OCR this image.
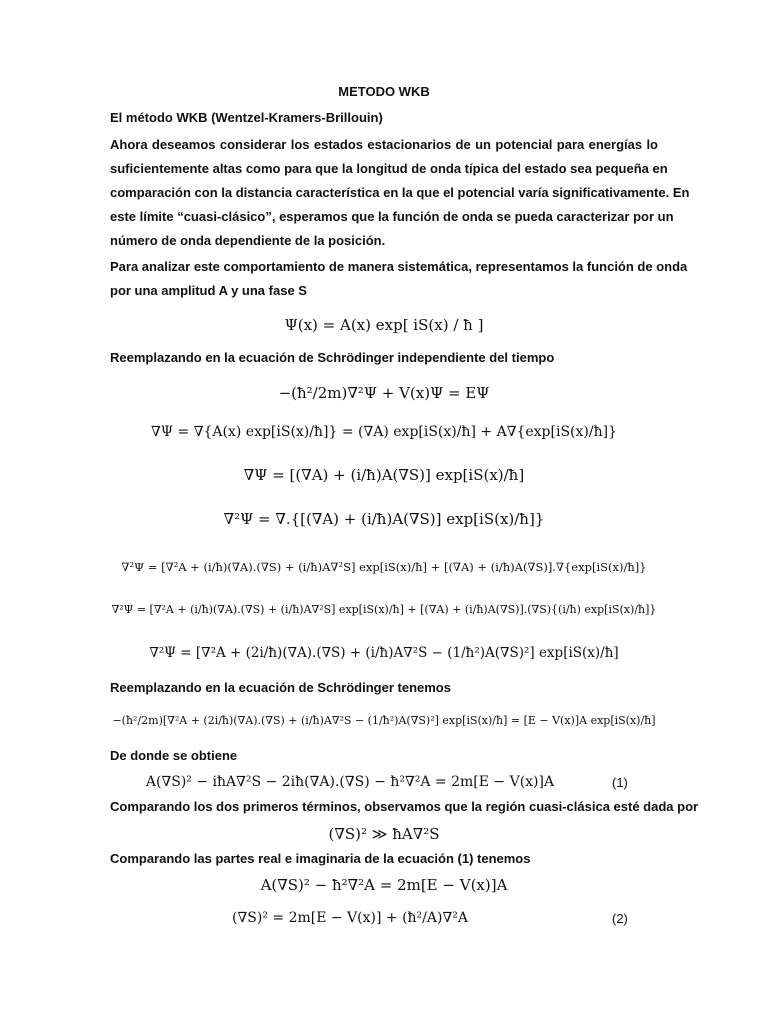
METODO WKB
El método WKB (Wentzel-Kramers-Brillouin)
Ahora deseamos considerar los estados estacionarios de un potencial para energías lo
suficientemente altas como para que la longitud de onda típica del estado sea pequeña en
comparación con la distancia característica en la que el potencial varía significativamente. En
este límite “cuasi-clásico”, esperamos que la función de onda se pueda caracterizar por un
número de onda dependiente de la posición.
Para analizar este comportamiento de manera sistemática, representamos la función de onda
por una amplitud A y una fase S
Ψ(x) = A(x) exp[ iS(x) / ħ ]
Reemplazando en la ecuación de Schrödinger independiente del tiempo
−(ħ²/2m)∇²Ψ + V(x)Ψ = EΨ
∇Ψ = ∇{A(x) exp[iS(x)/ħ]} = (∇A) exp[iS(x)/ħ] + A∇{exp[iS(x)/ħ]}
∇Ψ = [(∇A) + (i/ħ)A(∇S)] exp[iS(x)/ħ]
∇²Ψ = ∇.{[(∇A) + (i/ħ)A(∇S)] exp[iS(x)/ħ]}
∇²Ψ = [∇²A + (i/ħ)(∇A).(∇S) + (i/ħ)A∇²S] exp[iS(x)/ħ] + [(∇A) + (i/ħ)A(∇S)].∇{exp[iS(x)/ħ]}
∇²Ψ = [∇²A + (i/ħ)(∇A).(∇S) + (i/ħ)A∇²S] exp[iS(x)/ħ] + [(∇A) + (i/ħ)A(∇S)].(∇S){(i/ħ) exp[iS(x)/ħ]}
∇²Ψ = [∇²A + (2i/ħ)(∇A).(∇S) + (i/ħ)A∇²S − (1/ħ²)A(∇S)²] exp[iS(x)/ħ]
Reemplazando en la ecuación de Schrödinger tenemos
−(ħ²/2m)[∇²A + (2i/ħ)(∇A).(∇S) + (i/ħ)A∇²S − (1/ħ²)A(∇S)²] exp[iS(x)/ħ] = [E − V(x)]A exp[iS(x)/ħ]
De donde se obtiene
A(∇S)² − iħA∇²S − 2iħ(∇A).(∇S) − ħ²∇²A = 2m[E − V(x)]A	(1)
Comparando los dos primeros términos, observamos que la región cuasi-clásica esté dada por
(∇S)² ≫ ħA∇²S
Comparando las partes real e imaginaria de la ecuación (1) tenemos
A(∇S)² − ħ²∇²A = 2m[E − V(x)]A
(∇S)² = 2m[E − V(x)] + (ħ²/A)∇²A	(2)
